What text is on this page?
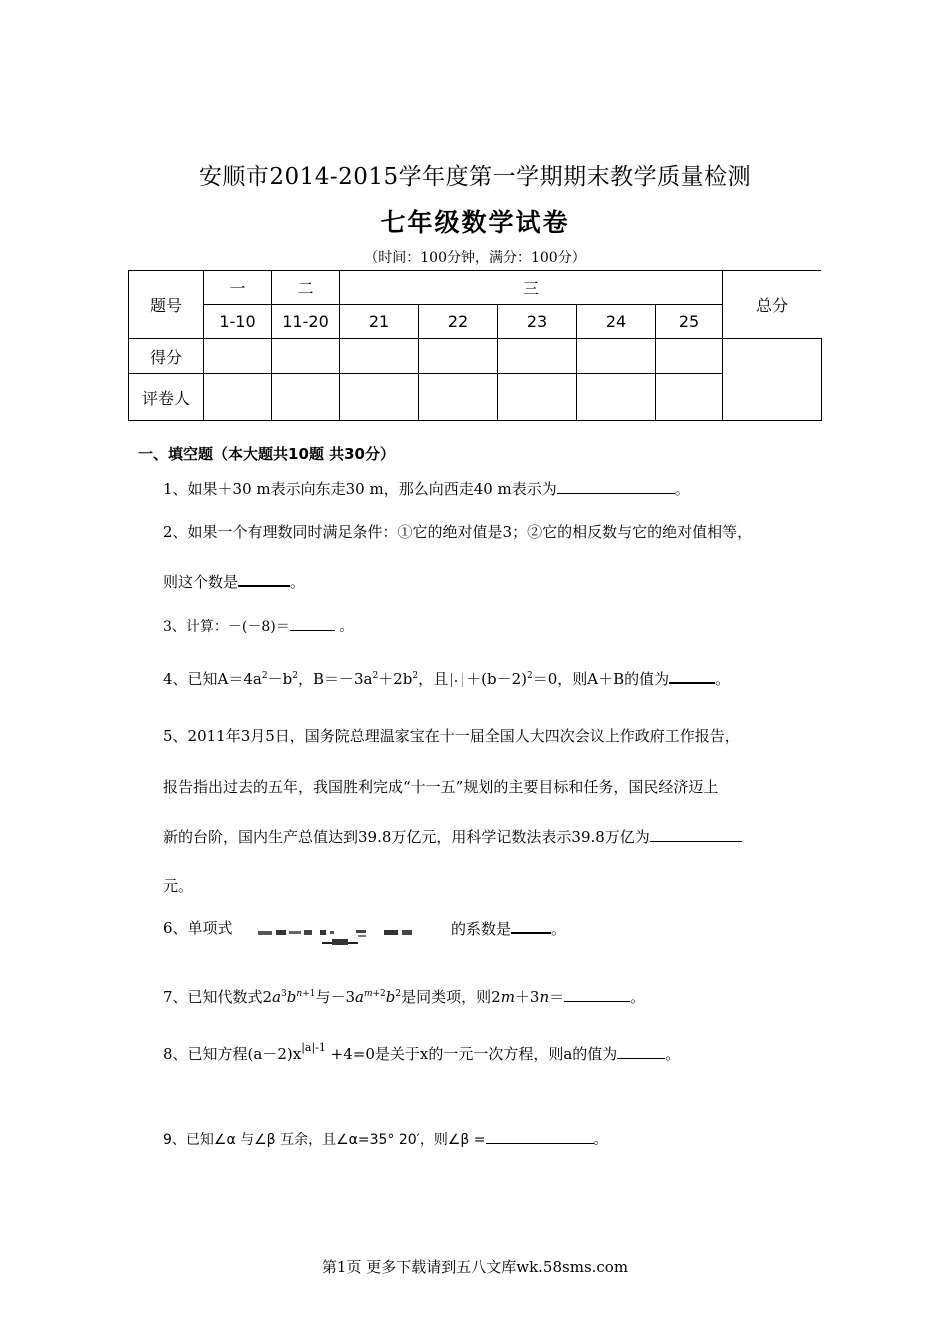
安顺市2014-2015学年度第一学期期末教学质量检测
七年级数学试卷
（时间：100分钟，满分：100分）
题号	一	二	三					总分
	1-10	11-20	21	22	23	24	25	
得分								
评卷人								
一、填空题（本大题共10题 共30分）
1、如果＋30 m表示向东走30 m，那么向西走40 m表示为	。
2、如果一个有理数同时满足条件：①它的绝对值是3；②它的相反数与它的绝对值相等，
则这个数是	。
3、计算：－(－8)＝	。
4、已知$A=4a^2-b^2$，$B=-3a^2+2b^2$，且 $+(b-2)^2=0$，则A＋B的值为	。
5、2011年3月5日，国务院总理温家宝在十一届全国人大四次会议上作政府工作报告，
报告指出过去的五年，我国胜利完成“十一五”规划的主要目标和任务，国民经济迈上
新的台阶，国内生产总值达到39.8万亿元，用科学记数法表示39.8万亿为
元。
6、单项式	的系数是	。
7、已知代数式$2a^3b^{n+1}$与$-3a^{m+2}b^2$是同类项，则2m＋3n＝	。
8、已知方程$(a-2)x^{|a|-1} +4=0$是关于x的一元一次方程，则a的值为	。
9、已知∠α 与∠β 互余，且∠α=35° 20′，则∠β =	。
第1页 更多下载请到五八文库wk.58sms.com
